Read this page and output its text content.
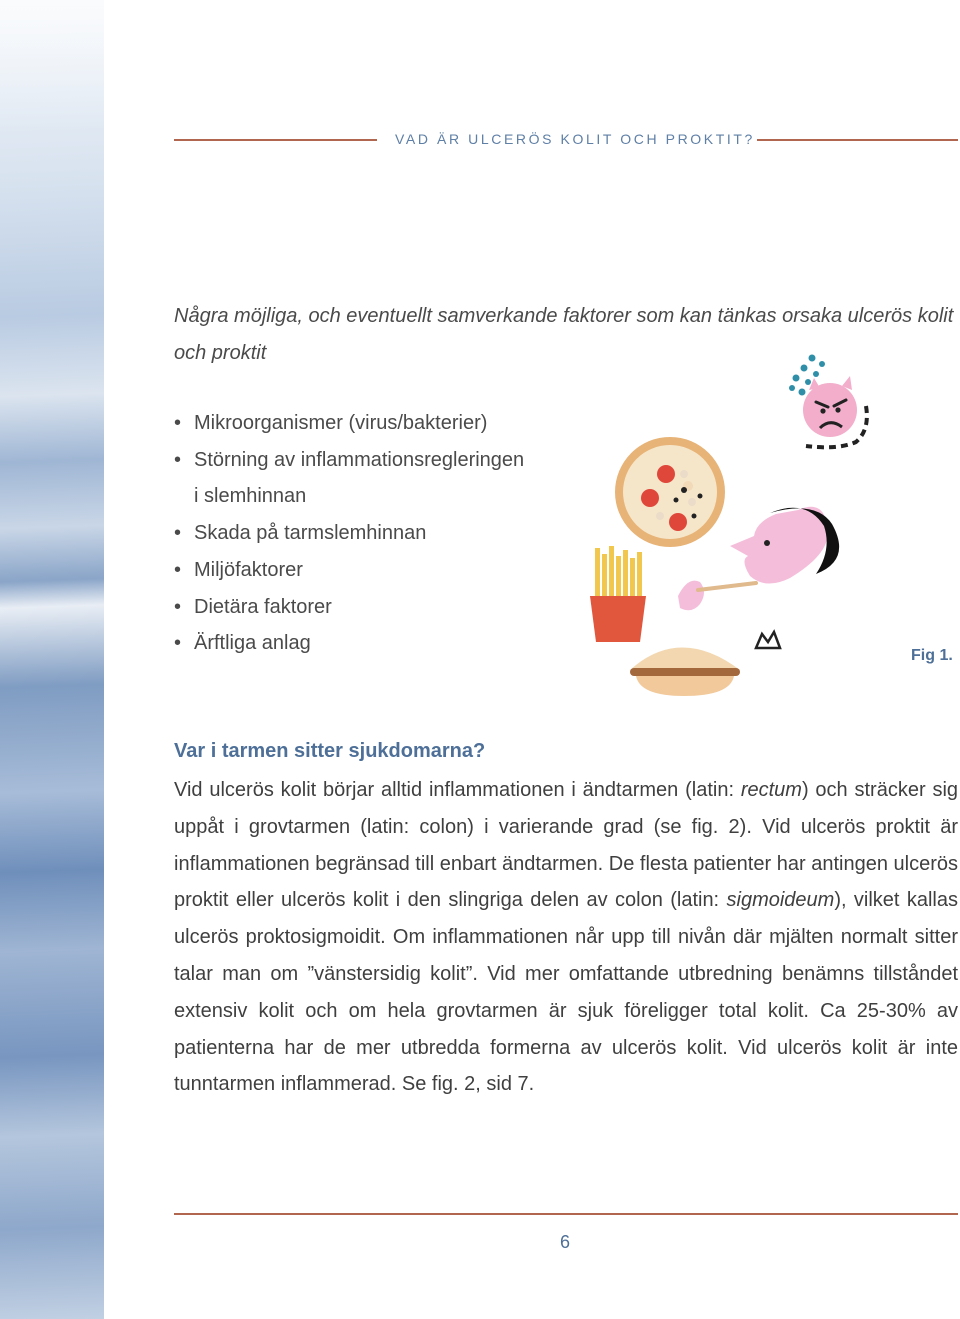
VAD ÄR ULCERÖS KOLIT OCH PROKTIT?
Några möjliga, och eventuellt samverkande faktorer som kan tänkas orsaka ulcerös kolit och proktit
• Mikroorganismer (virus/bakterier)
• Störning av inflammationsregleringen
i slemhinnan
• Skada på tarmslemhinnan
• Miljöfaktorer
• Dietära faktorer
• Ärftliga anlag
Fig 1.
Var i tarmen sitter sjukdomarna?

Vid ulcerös kolit börjar alltid inflammationen i ändtarmen (latin: rectum) och sträcker sig uppåt i grovtarmen (latin: colon) i varierande grad (se fig. 2). Vid ulcerös proktit är inflammationen begränsad till enbart ändtarmen. De flesta patienter har antingen ulcerös proktit eller ulcerös kolit i den slingriga delen av colon (latin: sigmoideum), vilket kallas ulcerös proktosigmoidit. Om inflammationen når upp till nivån där mjälten normalt sitter talar man om ”vänstersidig kolit”. Vid mer omfattande utbredning benämns tillståndet extensiv kolit och om hela grovtarmen är sjuk föreligger total kolit. Ca 25-30% av patienterna har de mer utbredda formerna av ulcerös kolit. Vid ulcerös kolit är inte tunntarmen inflammerad. Se fig. 2, sid 7.

6
